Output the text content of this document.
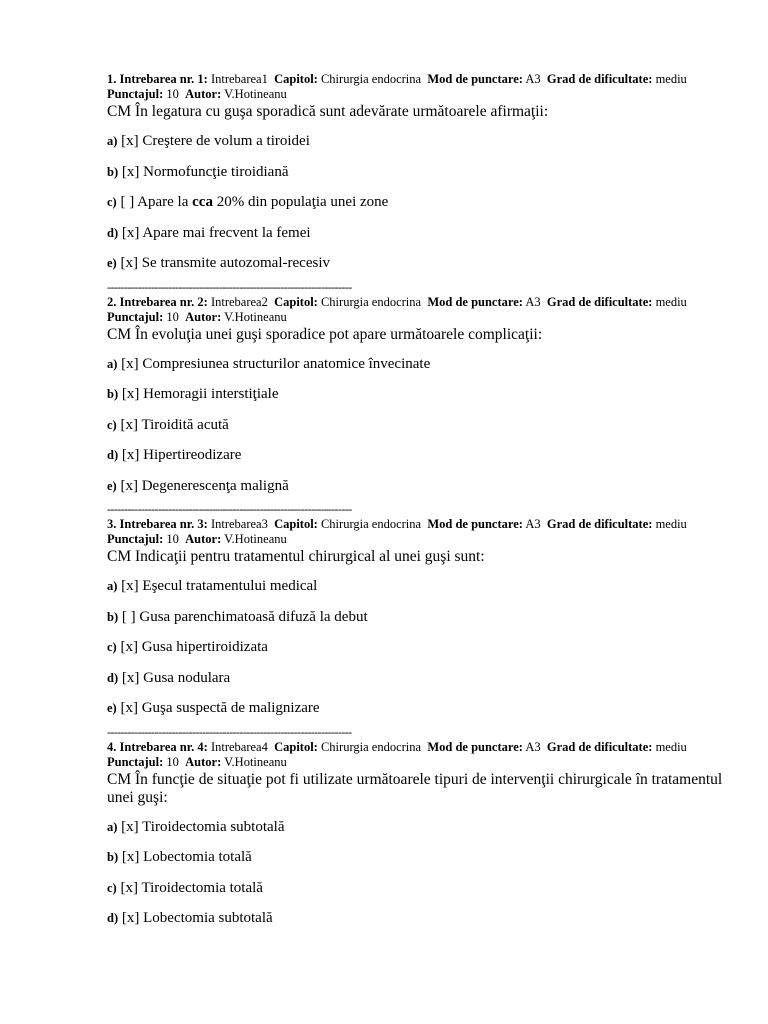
1. Intrebarea nr. 1: Intrebarea1 Capitol: Chirurgia endocrina Mod de punctare: A3 Grad de dificultate: mediu
Punctajul: 10 Autor: V.Hotineanu
CM În legatura cu guşa sporadică sunt adevărate următoarele afirmaţii:
a) [x] Creştere de volum a tiroidei
b) [x] Normofuncţie tiroidiană
c) [ ] Apare la cca 20% din populaţia unei zone
d) [x] Apare mai frecvent la femei
e) [x] Se transmite autozomal-recesiv
------------------------------------------------------------------------
2. Intrebarea nr. 2: Intrebarea2 Capitol: Chirurgia endocrina Mod de punctare: A3 Grad de dificultate: mediu
Punctajul: 10 Autor: V.Hotineanu
CM În evoluţia unei guşi sporadice pot apare următoarele complicaţii:
a) [x] Compresiunea structurilor anatomice învecinate
b) [x] Hemoragii interstiţiale
c) [x] Tiroidită acută
d) [x] Hipertireodizare
e) [x] Degenerescenţa malignă
------------------------------------------------------------------------
3. Intrebarea nr. 3: Intrebarea3 Capitol: Chirurgia endocrina Mod de punctare: A3 Grad de dificultate: mediu
Punctajul: 10 Autor: V.Hotineanu
CM Indicaţii pentru tratamentul chirurgical al unei guşi sunt:
a) [x] Eşecul tratamentului medical
b) [ ] Gusa parenchimatoasă difuză la debut
c) [x] Gusa hipertiroidizata
d) [x] Gusa nodulara
e) [x] Guşa suspectă de malignizare
------------------------------------------------------------------------
4. Intrebarea nr. 4: Intrebarea4 Capitol: Chirurgia endocrina Mod de punctare: A3 Grad de dificultate: mediu
Punctajul: 10 Autor: V.Hotineanu
CM În funcţie de situaţie pot fi utilizate următoarele tipuri de intervenţii chirurgicale în tratamentul unei guşi:
a) [x] Tiroidectomia subtotală
b) [x] Lobectomia totală
c) [x] Tiroidectomia totală
d) [x] Lobectomia subtotală
